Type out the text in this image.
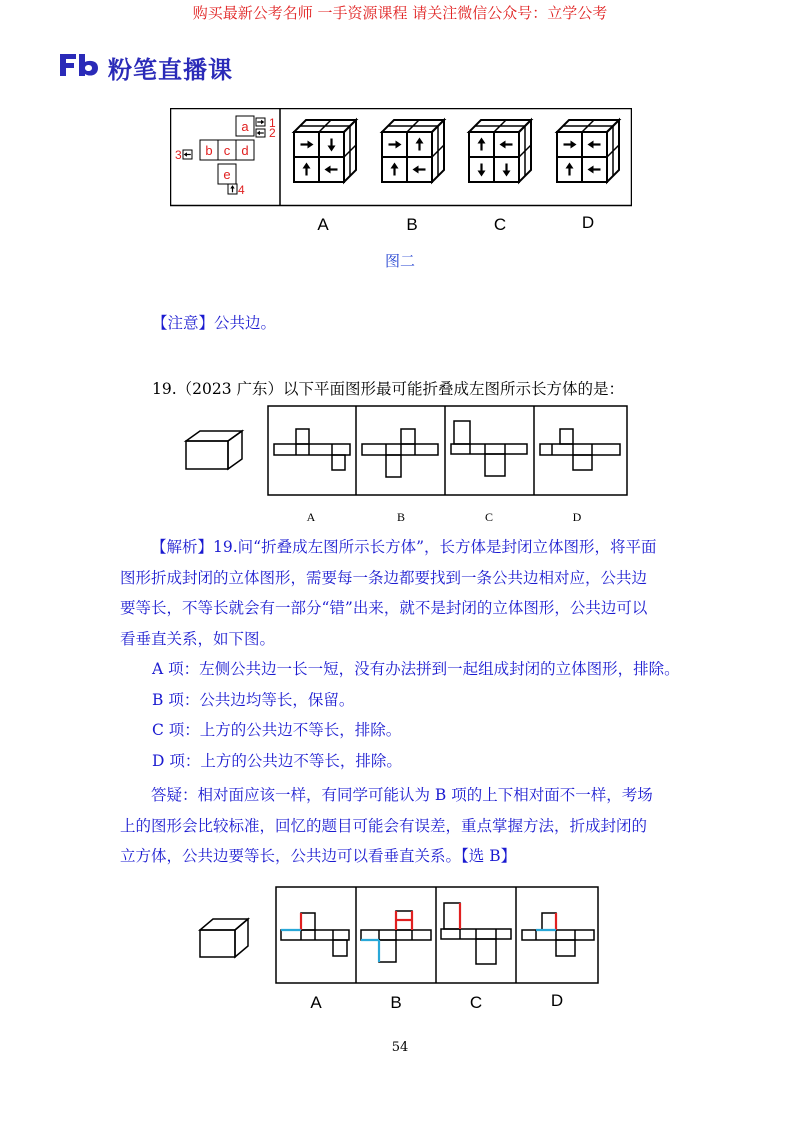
购买最新公考名师 一手资源课程 请关注微信公众号：立学公考
粉笔直播课
a
b c d
e
1
2
3
4
A	B	C	D
图二
【注意】公共边。
19.（2023 广东）以下平面图形最可能折叠成左图所示长方体的是：
A	B	C	D
【解析】19.问“折叠成左图所示长方体”，长方体是封闭立体图形，将平面图形折成封闭的立体图形，需要每一条边都要找到一条公共边相对应，公共边要等长，不等长就会有一部分“错”出来，就不是封闭的立体图形，公共边可以看垂直关系，如下图。
A 项：左侧公共边一长一短，没有办法拼到一起组成封闭的立体图形，排除。
B 项：公共边均等长，保留。
C 项：上方的公共边不等长，排除。
D 项：上方的公共边不等长，排除。
答疑：相对面应该一样，有同学可能认为 B 项的上下相对面不一样，考场上的图形会比较标准，回忆的题目可能会有误差，重点掌握方法，折成封闭的立方体，公共边要等长，公共边可以看垂直关系。【选 B】
A	B	C	D
54
